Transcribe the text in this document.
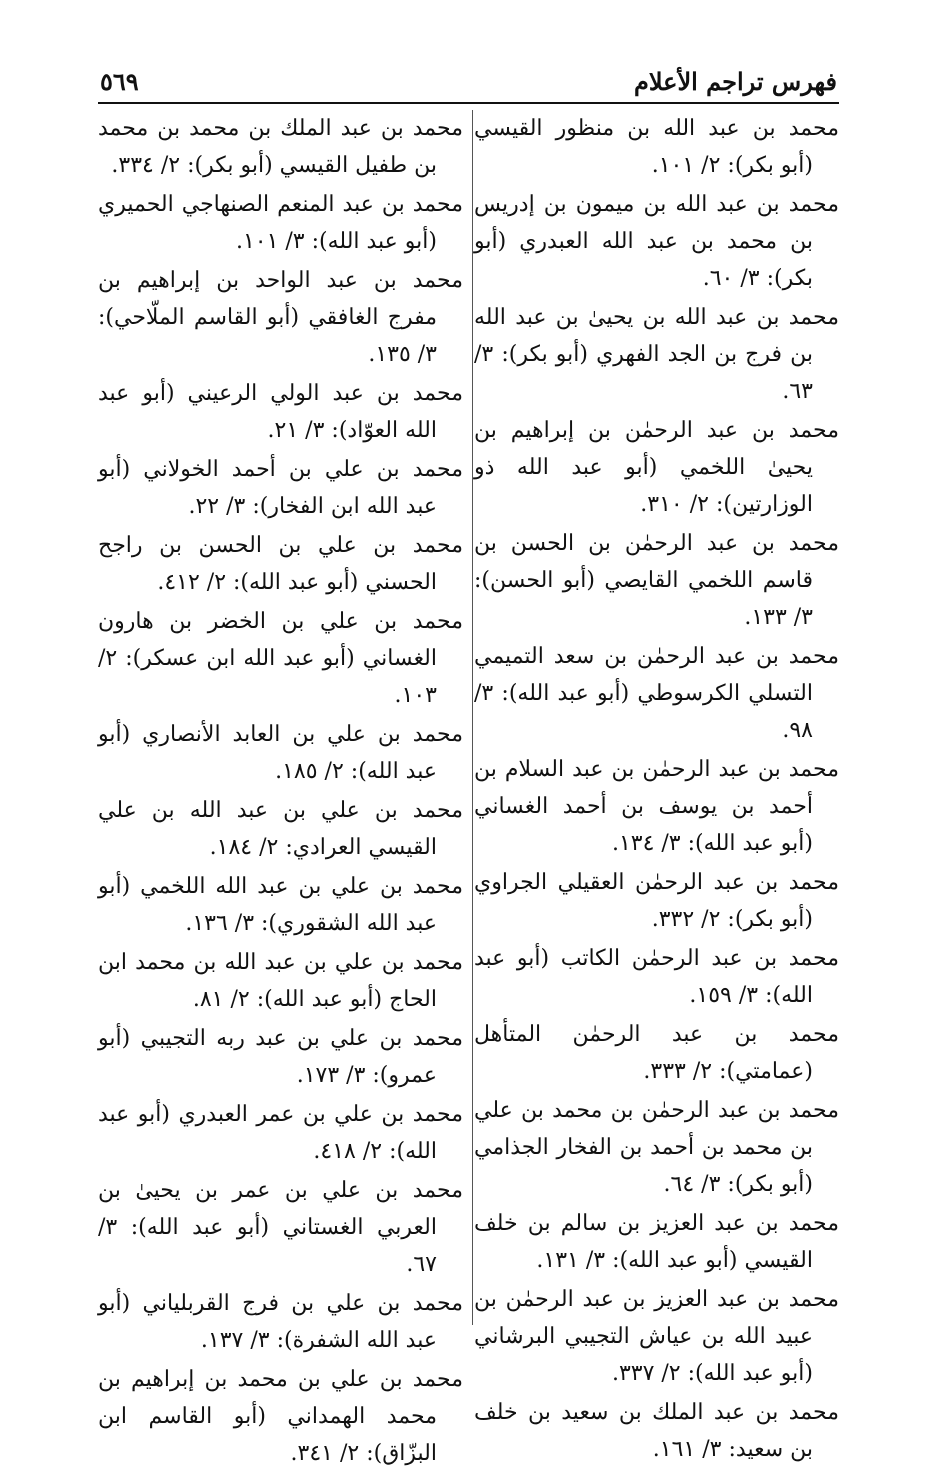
فهرس تراجم الأعلام
٥٦٩

محمد بن عبد الله بن منظور القيسي (أبو بكر): ٢/ ١٠١.

محمد بن عبد الله بن ميمون بن إدريس بن محمد بن عبد الله العبدري (أبو بكر): ٣/ ٦٠.

محمد بن عبد الله بن يحيىٰ بن عبد الله بن فرج بن الجد الفهري (أبو بكر): ٣/ ٦٣.

محمد بن عبد الرحمٰن بن إبراهيم بن يحيىٰ اللخمي (أبو عبد الله ذو الوزارتين): ٢/ ٣١٠.

محمد بن عبد الرحمٰن بن الحسن بن قاسم اللخمي القايصي (أبو الحسن): ٣/ ١٣٣.

محمد بن عبد الرحمٰن بن سعد التميمي التسلي الكرسوطي (أبو عبد الله): ٣/ ٩٨.

محمد بن عبد الرحمٰن بن عبد السلام بن أحمد بن يوسف بن أحمد الغساني (أبو عبد الله): ٣/ ١٣٤.

محمد بن عبد الرحمٰن العقيلي الجراوي (أبو بكر): ٢/ ٣٣٢.

محمد بن عبد الرحمٰن الكاتب (أبو عبد الله): ٣/ ١٥٩.

محمد بن عبد الرحمٰن المتأهل (عمامتي): ٢/ ٣٣٣.

محمد بن عبد الرحمٰن بن محمد بن علي بن محمد بن أحمد بن الفخار الجذامي (أبو بكر): ٣/ ٦٤.

محمد بن عبد العزيز بن سالم بن خلف القيسي (أبو عبد الله): ٣/ ١٣١.

محمد بن عبد العزيز بن عبد الرحمٰن بن عبيد الله بن عياش التجيبي البرشاني (أبو عبد الله): ٢/ ٣٣٧.

محمد بن عبد الملك بن سعيد بن خلف بن سعيد: ٣/ ١٦١.

محمد بن عبد الملك بن محمد بن محمد بن طفيل القيسي (أبو بكر): ٢/ ٣٣٤.

محمد بن عبد المنعم الصنهاجي الحميري (أبو عبد الله): ٣/ ١٠١.

محمد بن عبد الواحد بن إبراهيم بن مفرج الغافقي (أبو القاسم الملّاحي): ٣/ ١٣٥.

محمد بن عبد الولي الرعيني (أبو عبد الله العوّاد): ٣/ ٢١.

محمد بن علي بن أحمد الخولاني (أبو عبد الله ابن الفخار): ٣/ ٢٢.

محمد بن علي بن الحسن بن راجح الحسني (أبو عبد الله): ٢/ ٤١٢.

محمد بن علي بن الخضر بن هارون الغساني (أبو عبد الله ابن عسكر): ٢/ ١٠٣.

محمد بن علي بن العابد الأنصاري (أبو عبد الله): ٢/ ١٨٥.

محمد بن علي بن عبد الله بن علي القيسي العرادي: ٢/ ١٨٤.

محمد بن علي بن عبد الله اللخمي (أبو عبد الله الشقوري): ٣/ ١٣٦.

محمد بن علي بن عبد الله بن محمد ابن الحاج (أبو عبد الله): ٢/ ٨١.

محمد بن علي بن عبد ربه التجيبي (أبو عمرو): ٣/ ١٧٣.

محمد بن علي بن عمر العبدري (أبو عبد الله): ٢/ ٤١٨.

محمد بن علي بن عمر بن يحيىٰ بن العربي الغستاني (أبو عبد الله): ٣/ ٦٧.

محمد بن علي بن فرج القربلياني (أبو عبد الله الشفرة): ٣/ ١٣٧.

محمد بن علي بن محمد بن إبراهيم بن محمد الهمداني (أبو القاسم ابن البزّاق): ٢/ ٣٤١.
